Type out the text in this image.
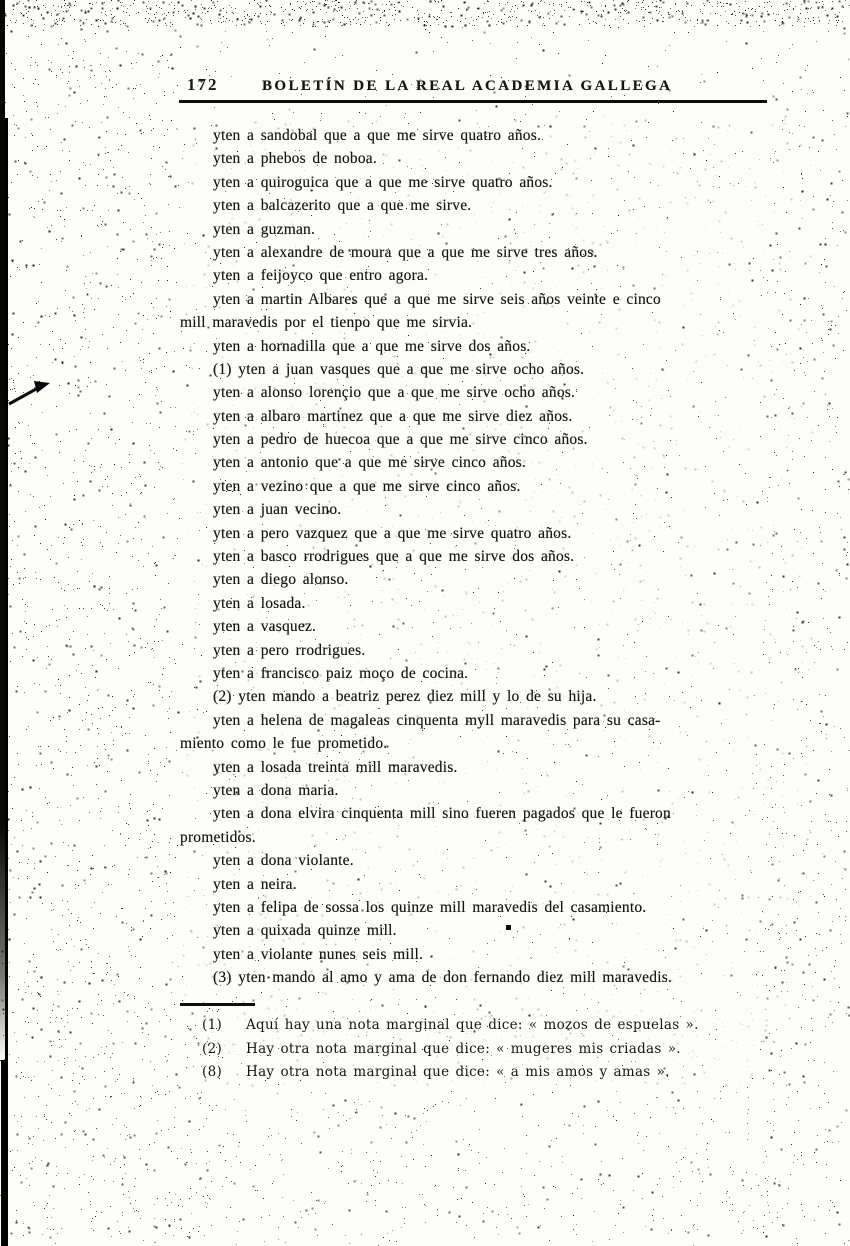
172	BOLETÍN DE LA REAL ACADEMIA GALLEGA
yten a sandobal que a que me sirve quatro años.
yten a phebos de noboa.
yten a quiroguica que a que me sirve quatro años.
yten a balcazerito que a que me sirve.
yten a guzman.
yten a alexandre de moura que a que me sirve tres años.
yten a feijoyco que entro agora.
yten a martin Albares que a que me sirve seis años veinte e cinco
mill maravedis por el tienpo que me sirvia.
yten a hornadilla que a que me sirve dos años.
(1) yten a juan vasques que a que me sirve ocho años.
yten a alonso lorençio que a que me sirve ocho años.
yten a albaro martinez que a que me sirve diez años.
yten a pedro de huecoa que a que me sirve cinco años.
yten a antonio que a que me sirve cinco años.
yten a vezino que a que me sirve cinco años.
yten a juan vecino.
yten a pero vazquez que a que me sirve quatro años.
yten a basco rrodrigues que a que me sirve dos años.
yten a diego alonso.
yten a losada.
yten a vasquez.
yten a pero rrodrigues.
yten a francisco paiz moço de cocina.
(2) yten mando a beatriz perez diez mill y lo de su hija.
yten a helena de magaleas cinquenta myll maravedis para su casa-
miento como le fue prometido.
yten a losada treinta mill maravedis.
yten a dona maria.
yten a dona elvira cinquenta mill sino fueren pagados que le fueron
prometidos.
yten a dona violante.
yten a neira.
yten a felipa de sossa los quinze mill maravedis del casamiento.
yten a quixada quinze mill.
yten a violante nunes seis mill.
(3) yten mando al amo y ama de don fernando diez mill maravedis.
(1) Aquí hay una nota marginal que dice: « mozos de espuelas ».
(2) Hay otra nota marginal que dice: « mugeres mis criadas ».
(8) Hay otra nota marginal que dice: « a mis amos y amas ».
